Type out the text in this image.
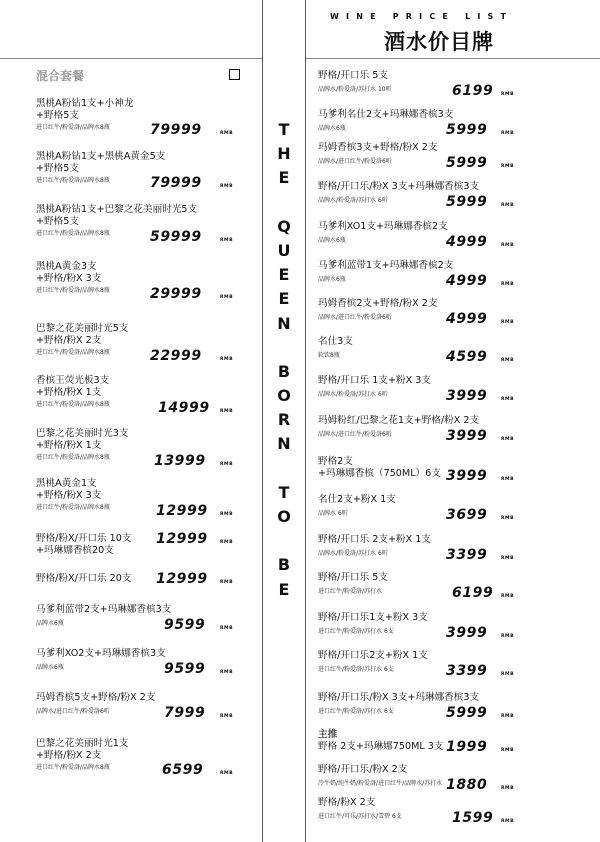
WINE PRICE LIST
酒水价目牌
混合套餐
黑桃A粉钻1支+小神龙
+野格5支
进口红牛/粉爱洛/品牌水8瓶	79999	RMB
黑桃A粉钻1支+黑桃A黄金5支
+野格5支
进口红牛/粉爱洛/品牌水8瓶	79999	RMB
黑桃A粉钻1支+巴黎之花美丽时光5支
+野格5支
进口红牛/粉爱洛/品牌水8瓶	59999	RMB
黑桃A黄金3支
+野格/粉X 3支
进口红牛/粉爱洛/品牌水8瓶	29999	RMB
巴黎之花美丽时光5支
+野格/粉X 2支
进口红牛/粉爱洛/品牌水8瓶	22999	RMB
香槟王荧光板3支
+野格/粉X 1支
进口红牛/粉爱洛/品牌水8瓶	14999 RMB
巴黎之花美丽时光3支
+野格/粉X 1支
进口红牛/粉爱洛/品牌水8瓶	13999	RMB
黑桃A黄金1支
+野格/粉X 3支
进口红牛/粉爱洛/品牌水8瓶	12999	RMB
野格/粉X/开口乐 10支
+玛琳娜香槟20支
12999	RMB
野格/粉X/开口乐 20支 12999	RMB
马爹利蓝带2支+玛琳娜香槟3支
品牌水6瓶	9599	RMB
马爹利XO2支+玛琳娜香槟3支
品牌水6瓶	9599	RMB
玛姆香槟5支+野格/粉X 2支
品牌水/进口红牛/粉爱洛6听	7999	RMB
巴黎之花美丽时光1支
+野格/粉X 2支
进口红牛/粉爱洛/品牌水8瓶	6599	RMB
T
H
E
Q
U
E
E
N
B
O
R
N
T
O
B
E
野格/开口乐 5支
品牌水/粉爱洛/苏打水 10听	6199 RMB
马爹利名仕2支+玛琳娜香槟3支
品牌水6瓶	5999	RMB
玛姆香槟3支+野格/粉X 2支
品牌水/进口红牛/粉爱洛6听	5999	RMB
野格/开口乐/粉X 3支+玛琳娜香槟3支
品牌水/粉爱洛/苏打水 6听	5999	RMB
马爹利XO1支+玛琳娜香槟2支
品牌水6瓶	4999	RMB
马爹利蓝带1支+玛琳娜香槟2支
品牌水6瓶	4999	RMB
玛姆香槟2支+野格/粉X 2支
品牌水/进口红牛/粉爱洛6听	4999	RMB
名仕3支
软饮8瓶	4599	RMB
野格/开口乐 1支+粉X 3支
品牌水/粉爱洛/苏打水 6听	3999	RMB
玛姆粉红/巴黎之花1支+野格/粉X 2支
品牌水/进口红牛/粉爱洛6听	3999	RMB
野格2支
+玛琳娜香槟（750ML）6支 3999	RMB
名仕2支+粉X 1支
品牌水 6听	3699	RMB
野格/开口乐 2支+粉X 1支
品牌水/粉爱洛/苏打水 6听	3399	RMB
野格/开口乐 5支
进口红牛/粉爱洛/苏打水	6199 RMB
野格/开口乐1支+粉X 3支
进口红牛/粉爱洛/苏打水 6支	3999	RMB
野格/开口乐2支+粉X 1支
进口红牛/粉爱洛/苏打水 6支	3399	RMB
野格/开口乐/粉X 3支+玛琳娜香槟3支
进口红牛/粉爱洛/苏打水 6支	5999	RMB
主推
野格 2支+玛琳娜750ML 3支 1999	RMB
野格/开口乐/粉X 2支
冷牛奶/纯牛奶/粉爱洛/进口红牛/品牌水/苏打水 1880	RMB
野格/粉X 2支
进口红牛/可乐/苏打水/雪碧 6支	1599 RMB
